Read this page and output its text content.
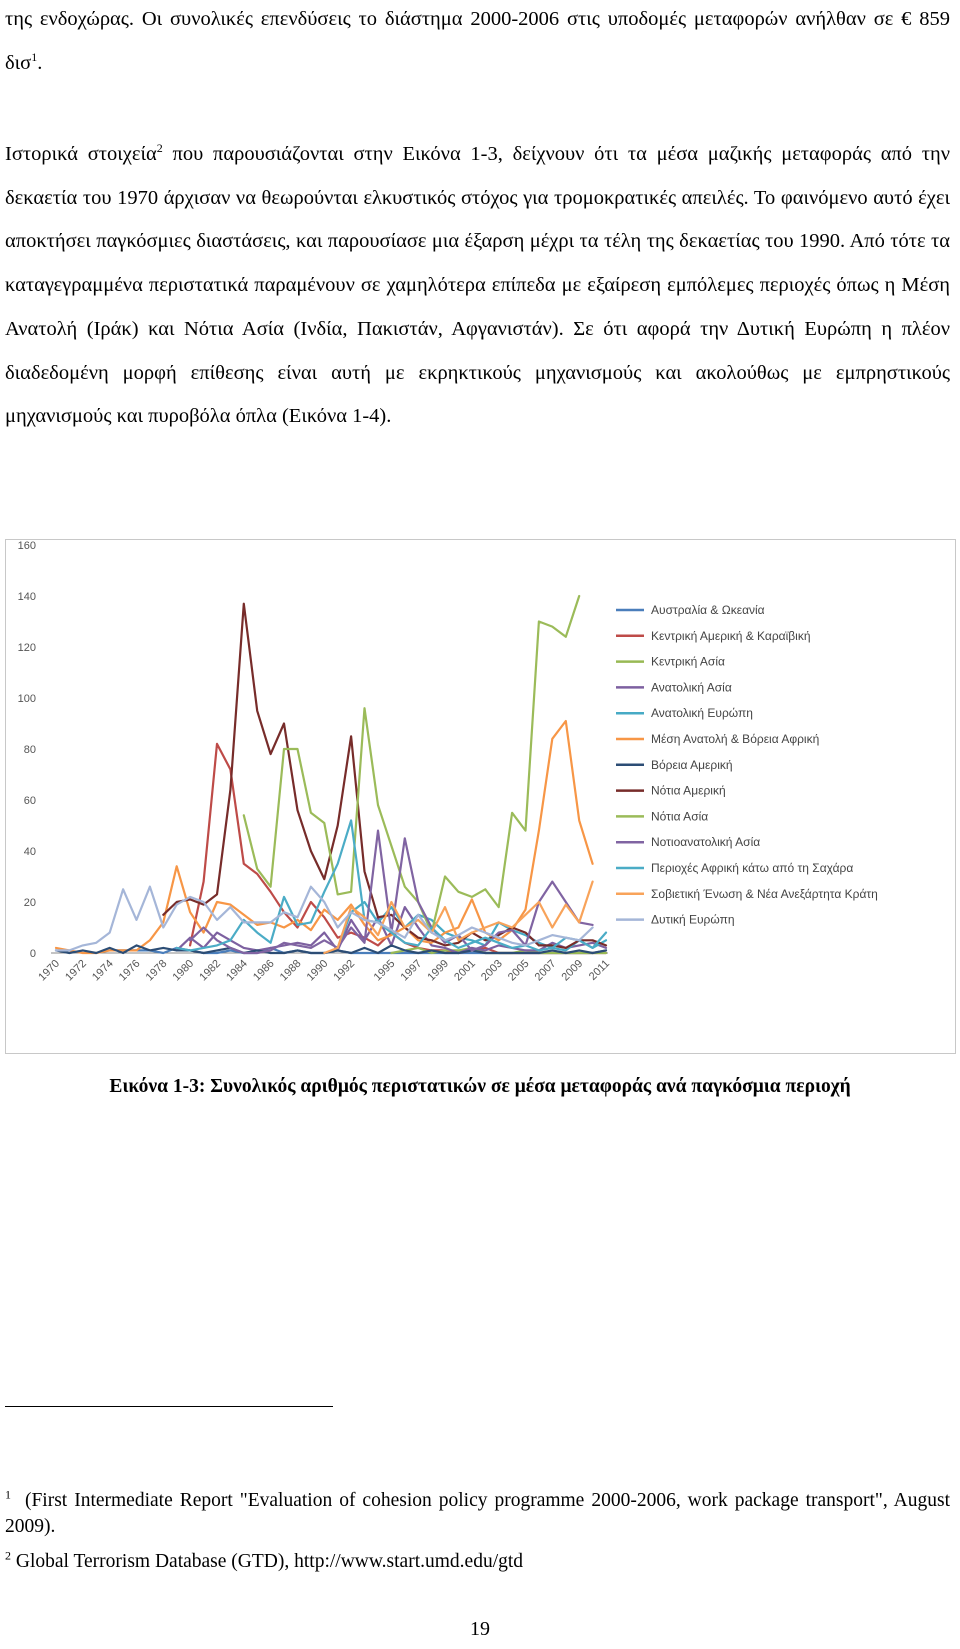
της ενδοχώρας. Οι συνολικές επενδύσεις το διάστημα 2000-2006 στις υποδομές μεταφορών ανήλθαν σε € 859 δισ$^1$.

Ιστορικά στοιχεία$^2$ που παρουσιάζονται στην Εικόνα 1-3, δείχνουν ότι τα μέσα μαζικής μεταφοράς από την δεκαετία του 1970 άρχισαν να θεωρούνται ελκυστικός στόχος για τρομοκρατικές απειλές. Το φαινόμενο αυτό έχει αποκτήσει παγκόσμιες διαστάσεις, και παρουσίασε μια έξαρση μέχρι τα τέλη της δεκαετίας του 1990. Από τότε τα καταγεγραμμένα περιστατικά παραμένουν σε χαμηλότερα επίπεδα με εξαίρεση εμπόλεμες περιοχές όπως η Μέση Ανατολή (Ιράκ) και Νότια Ασία (Ινδία, Πακιστάν, Αφγανιστάν). Σε ότι αφορά την Δυτική Ευρώπη η πλέον διαδεδομένη μορφή επίθεσης είναι αυτή με εκρηκτικούς μηχανισμούς και ακολούθως με εμπρηστικούς μηχανισμούς και πυροβόλα όπλα (Εικόνα 1-4).

0
20
40
60
80
100
120
140
160
1970 1972 1974 1976 1978 1980 1982 1984 1986 1988 1990 1992 1995 1997 1999 2001 2003 2005 2007 2009 2011
Αυστραλία & Ωκεανία
Κεντρική Αμερική & Καραϊβική
Κεντρική Ασία
Ανατολική Ασία
Ανατολική Ευρώπη
Μέση Ανατολή & Βόρεια Αφρική
Βόρεια Αμερική
Νότια Αμερική
Νότια Ασία
Νοτιοανατολική Ασία
Περιοχές Αφρική κάτω από τη Σαχάρα
Σοβιετική Ένωση & Νέα Ανεξάρτητα Κράτη
Δυτική Ευρώπη
Εικόνα 1-3: Συνολικός αριθμός περιστατικών σε μέσα μεταφοράς ανά παγκόσμια περιοχή

$^1$ (First Intermediate Report "Evaluation of cohesion policy programme 2000-2006, work package transport", August 2009).

$^2$ Global Terrorism Database (GTD), http://www.start.umd.edu/gtd

19
